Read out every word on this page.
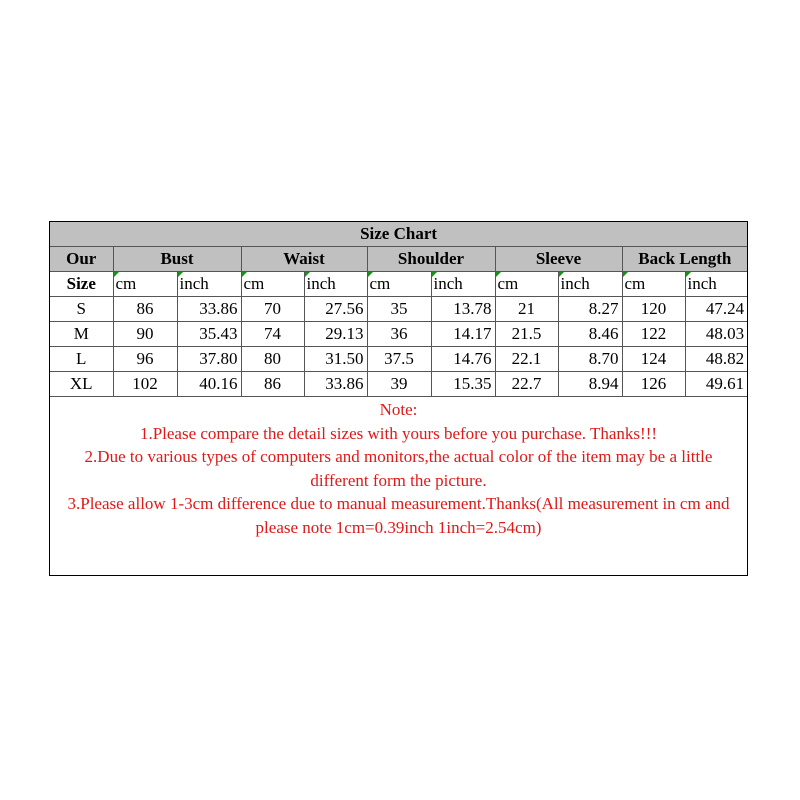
Size Chart										
Our	Bust		Waist		Shoulder		Sleeve		Back Length	
Size	cm	inch	cm	inch	cm	inch	cm	inch	cm	inch
S	86	33.86	70	27.56	35	13.78	21	8.27	120	47.24
M	90	35.43	74	29.13	36	14.17	21.5	8.46	122	48.03
L	96	37.80	80	31.50	37.5	14.76	22.1	8.70	124	48.82
XL	102	40.16	86	33.86	39	15.35	22.7	8.94	126	49.61
Note:
1.Please compare the detail sizes with yours before you purchase. Thanks!!!
2.Due to various types of computers and monitors,the actual color of the item may be a little different form the picture.
3.Please allow 1-3cm difference due to manual measurement.Thanks(All measurement in cm and please note 1cm=0.39inch 1inch=2.54cm)
